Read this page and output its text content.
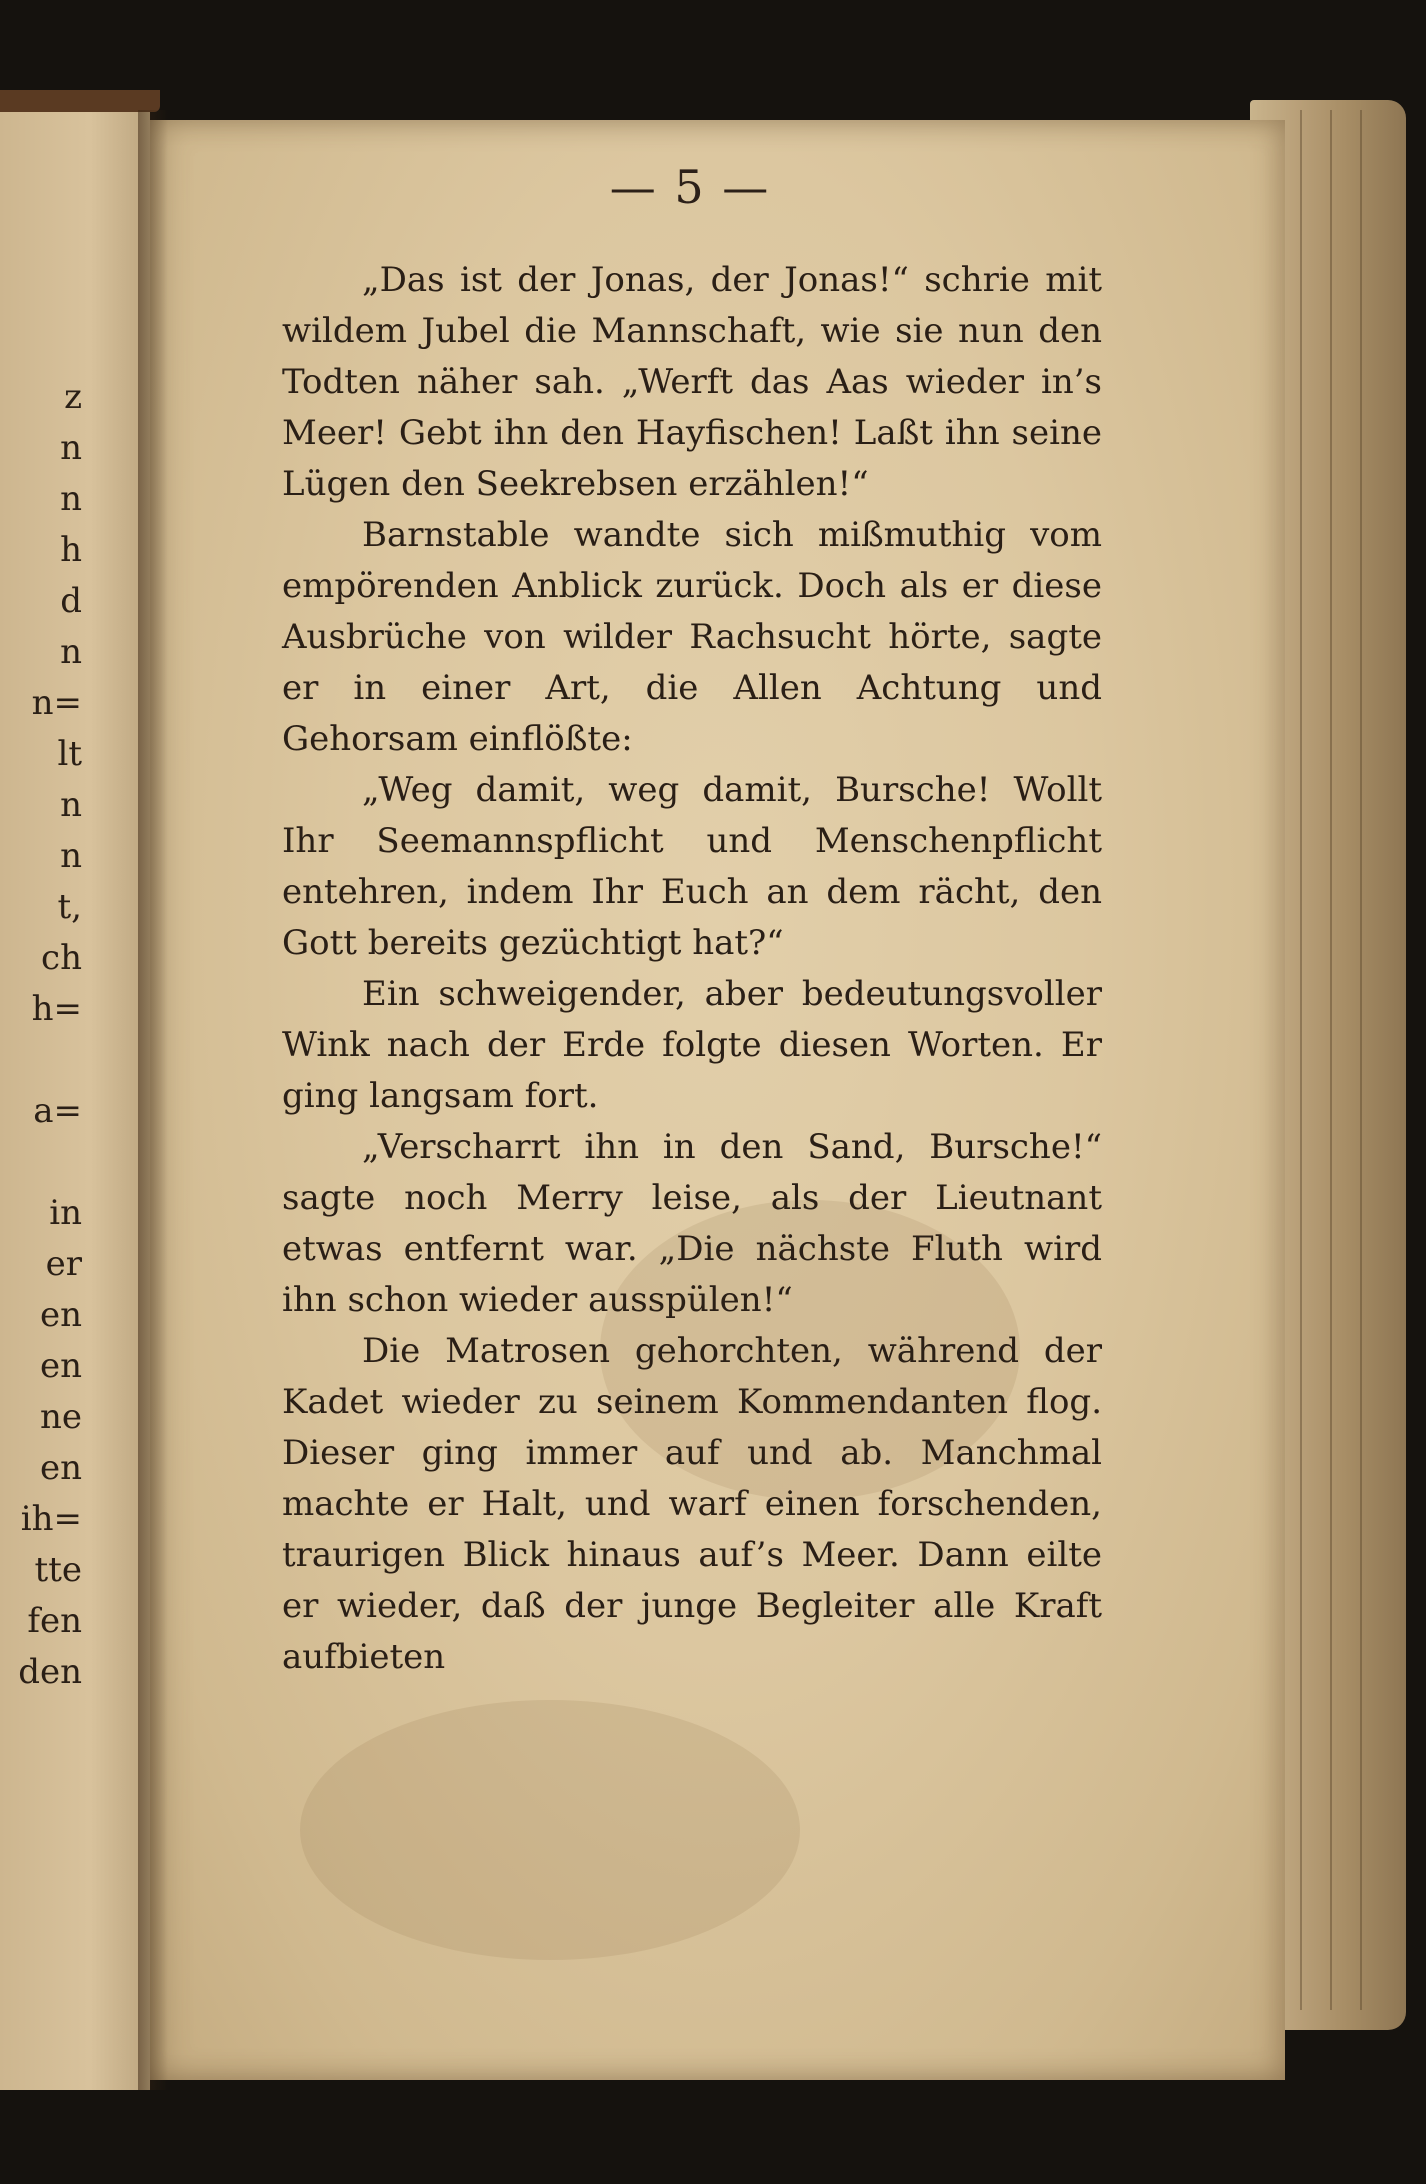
z
n
n
h
d
n
n=
lt
n
n
t,
ch
h=
a=
in
er
en
en
ne
en
ih=
tte
fen
den
— 5 —

„Das ist der Jonas, der Jonas!“ schrie mit wildem Jubel die Mannschaft, wie sie nun den Todten näher sah. „Werft das Aas wieder in’s Meer! Gebt ihn den Hayfischen! Laßt ihn seine Lügen den Seekrebsen erzählen!“

Barnstable wandte sich mißmuthig vom empörenden Anblick zurück. Doch als er diese Ausbrüche von wilder Rachsucht hörte, sagte er in einer Art, die Allen Achtung und Gehorsam einflößte:

„Weg damit, weg damit, Bursche! Wollt Ihr Seemannspflicht und Menschenpflicht entehren, indem Ihr Euch an dem rächt, den Gott bereits gezüchtigt hat?“

Ein schweigender, aber bedeutungsvoller Wink nach der Erde folgte diesen Worten. Er ging langsam fort.

„Verscharrt ihn in den Sand, Bursche!“ sagte noch Merry leise, als der Lieutnant etwas entfernt war. „Die nächste Fluth wird ihn schon wieder ausspülen!“

Die Matrosen gehorchten, während der Kadet wieder zu seinem Kommendanten flog. Dieser ging immer auf und ab. Manchmal machte er Halt, und warf einen forschenden, traurigen Blick hinaus auf’s Meer. Dann eilte er wieder, daß der junge Begleiter alle Kraft aufbieten
